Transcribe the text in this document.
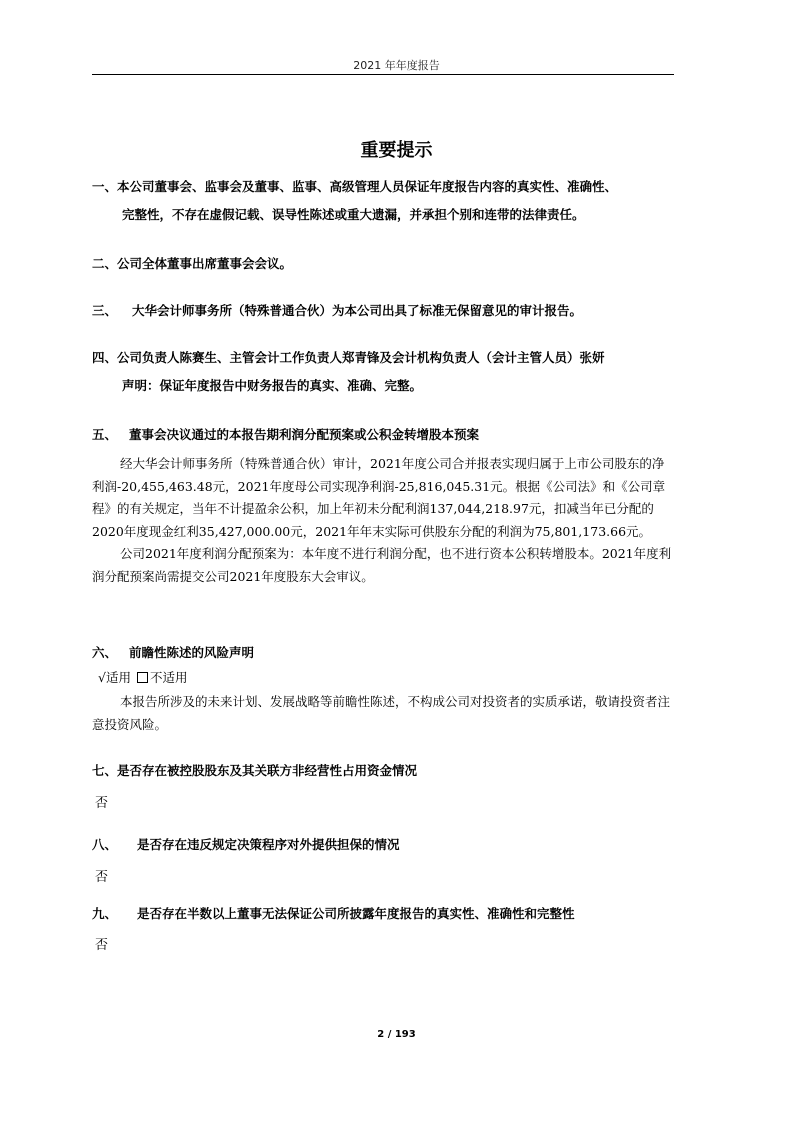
2021 年年度报告
重要提示
一、本公司董事会、监事会及董事、监事、高级管理人员保证年度报告内容的真实性、准确性、
完整性，不存在虚假记载、误导性陈述或重大遗漏，并承担个别和连带的法律责任。
二、公司全体董事出席董事会会议。
三、 大华会计师事务所（特殊普通合伙）为本公司出具了标准无保留意见的审计报告。
四、公司负责人陈赛生、主管会计工作负责人郑青锋及会计机构负责人（会计主管人员）张妍
声明：保证年度报告中财务报告的真实、准确、完整。
五、 董事会决议通过的本报告期利润分配预案或公积金转增股本预案

经大华会计师事务所（特殊普通合伙）审计，2021年度公司合并报表实现归属于上市公司股东的净利润-20,455,463.48元，2021年度母公司实现净利润-25,816,045.31元。根据《公司法》和《公司章程》的有关规定，当年不计提盈余公积，加上年初未分配利润137,044,218.97元，扣减当年已分配的2020年度现金红利35,427,000.00元，2021年年末实际可供股东分配的利润为75,801,173.66元。

公司2021年度利润分配预案为：本年度不进行利润分配，也不进行资本公积转增股本。2021年度利润分配预案尚需提交公司2021年度股东大会审议。

六、 前瞻性陈述的风险声明
√适用 不适用

本报告所涉及的未来计划、发展战略等前瞻性陈述，不构成公司对投资者的实质承诺，敬请投资者注意投资风险。

七、是否存在被控股股东及其关联方非经营性占用资金情况
否
八、 是否存在违反规定决策程序对外提供担保的情况
否
九、 是否存在半数以上董事无法保证公司所披露年度报告的真实性、准确性和完整性
否
2 / 193
